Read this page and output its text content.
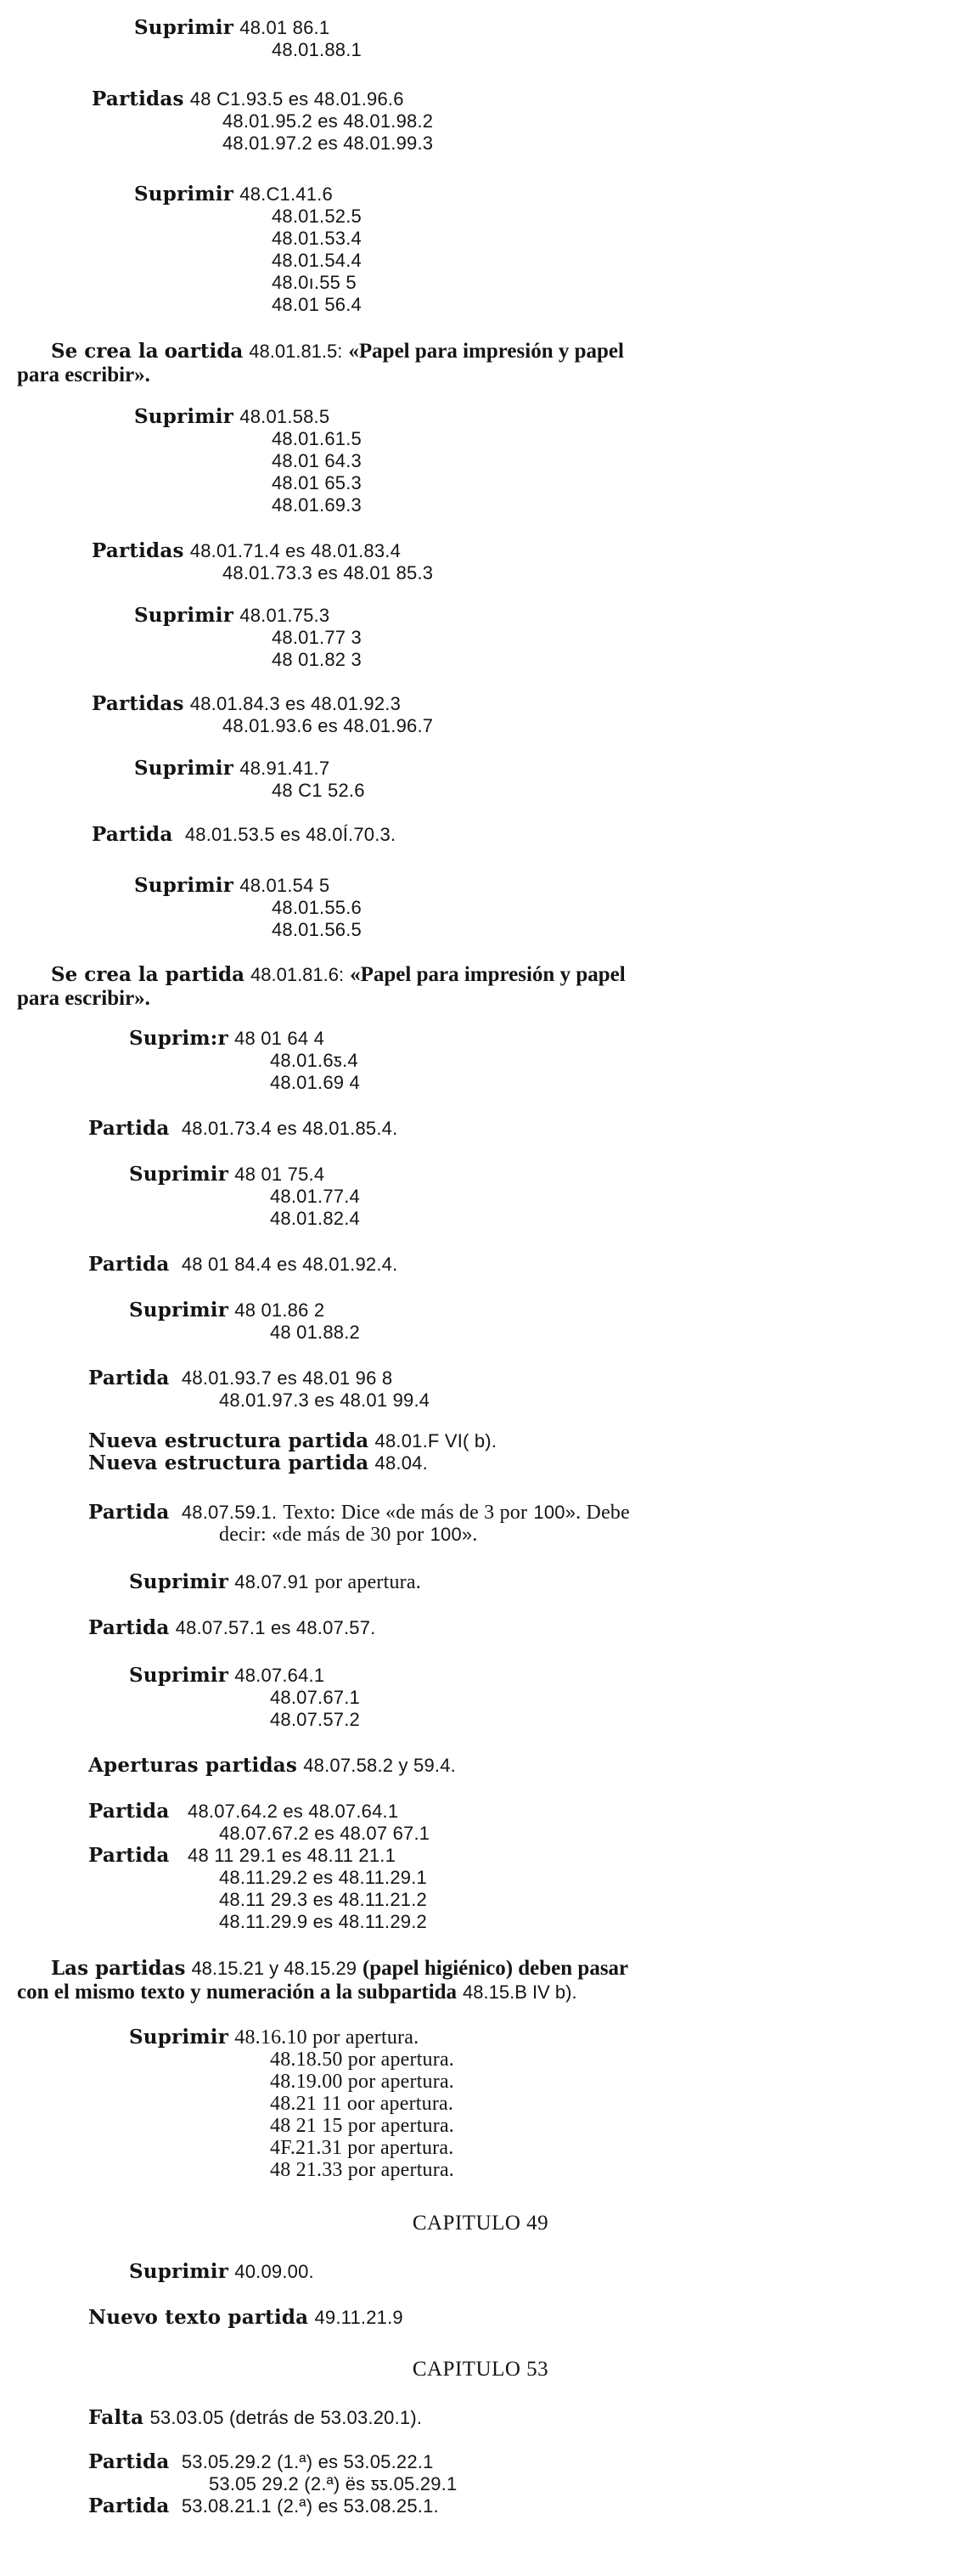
Suprimir 48.01 86.1
48.01.88.1
Partidas 48 C1.93.5 es 48.01.96.6
48.01.95.2 es 48.01.98.2
48.01.97.2 es 48.01.99.3
Suprimir 48.C1.41.6
48.01.52.5
48.01.53.4
48.01.54.4
48.0ı.55 5
48.01 56.4
Se crea la oartida 48.01.81.5: «Papel para impresión y papel
para escribir».
Suprimir 48.01.58.5
48.01.61.5
48.01 64.3
48.01 65.3
48.01.69.3
Partidas 48.01.71.4 es 48.01.83.4
48.01.73.3 es 48.01 85.3
Suprimir 48.01.75.3
48.01.77 3
48 01.82 3
Partidas 48.01.84.3 es 48.01.92.3
48.01.93.6 es 48.01.96.7
Suprimir 48.91.41.7
48 C1 52.6
Partida 48.01.53.5 es 48.0Í.70.3.
Suprimir 48.01.54 5
48.01.55.6
48.01.56.5
Se crea la partida 48.01.81.6: «Papel para impresión y papel
para escribir».
Suprim:r 48 01 64 4
48.01.6ƽ.4
48.01.69 4
Partida 48.01.73.4 es 48.01.85.4.
Suprimir 48 01 75.4
48.01.77.4
48.01.82.4
Partida 48 01 84.4 es 48.01.92.4.
Suprimir 48 01.86 2
48 01.88.2
Partida 4ȣ.01.93.7 es 48.01 96 8
48.01.97.3 es 48.01 99.4
Nueva estructura partida 48.01.F VI( b).
Nueva estructura partida 48.04.
Partida 48.07.59.1. Texto: Dice «de más de 3 por 100». Debe
decir: «de más de 30 por 100».
Suprimir 48.07.91 por apertura.
Partida 48.07.57.1 es 48.07.57.
Suprimir 48.07.64.1
48.07.67.1
48.07.57.2
Aperturas partidas 48.07.58.2 y 59.4.
Partida 48.07.64.2 es 48.07.64.1
48.07.67.2 es 48.07 67.1
Partida 48 11 29.1 es 48.11 21.1
48.11.29.2 es 48.11.29.1
48.11 29.3 es 48.11.21.2
48.11.29.9 es 48.11.29.2
Las partidas 48.15.21 y 48.15.29 (papel higiénico) deben pasar
con el mismo texto y numeración a la subpartida 48.15.B IV b).
Suprimir 48.16.10 por apertura.
48.18.50 por apertura.
48.19.00 por apertura.
48.21 11 oor apertura.
48 21 15 por apertura.
4F.21.31 por apertura.
48 21.33 por apertura.
CAPITULO 49
Suprimir 40.09.00.
Nuevo texto partida 49.11.21.9
CAPITULO 53
Falta 53.03.05 (detrás de 53.03.20.1).
Partida 53.05.29.2 (1.ª) es 53.05.22.1
53.05 29.2 (2.ª) ёs ƽƽ.05.29.1
Partida 53.08.21.1 (2.ª) es 53.08.25.1.
